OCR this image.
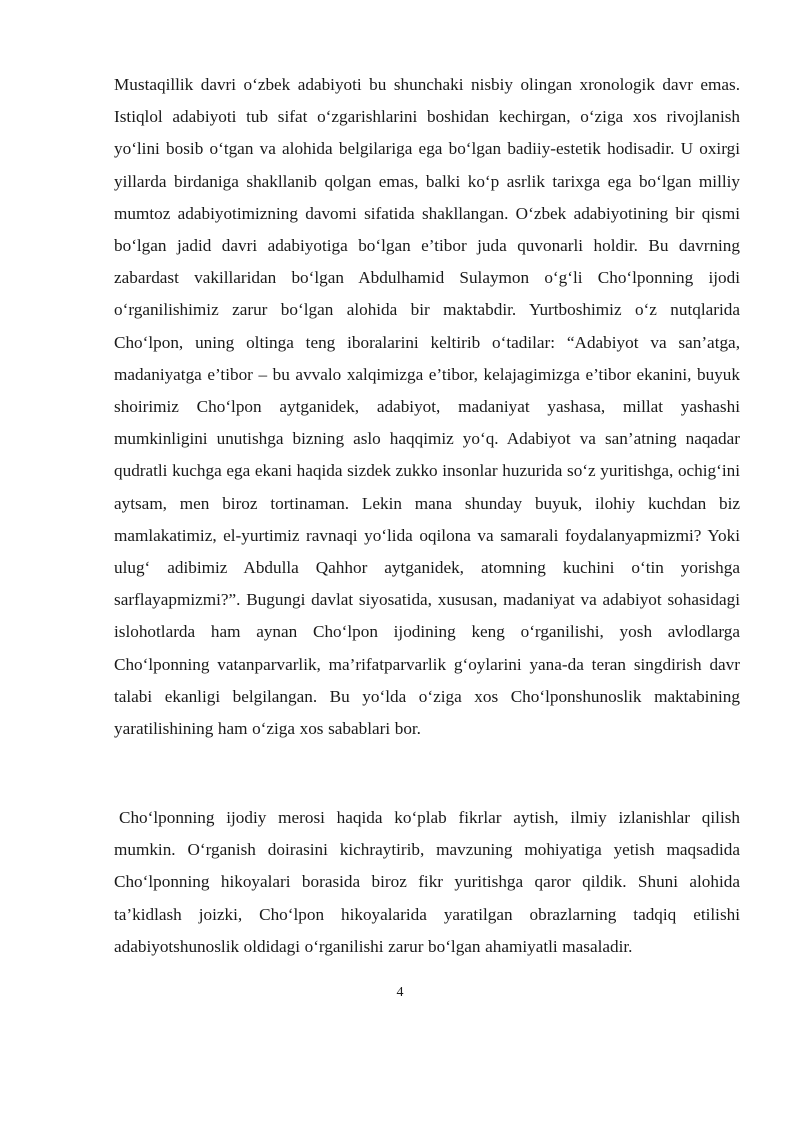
Mustaqillik davri o‘zbek adabiyoti bu shunchaki nisbiy olingan xronologik davr emas. Istiqlol adabiyoti tub sifat o‘zgarishlarini boshidan kechirgan, o‘ziga xos rivojlanish yo‘lini bosib o‘tgan va alohida belgilariga ega bo‘lgan badiiy-estetik hodisadir. U oxirgi yillarda birdaniga shakllanib qolgan emas, balki ko‘p asrlik tarixga ega bo‘lgan milliy mumtoz adabiyotimizning davomi sifatida shakllangan. O‘zbek adabiyotining bir qismi bo‘lgan jadid davri adabiyotiga bo‘lgan e’tibor juda quvonarli holdir. Bu davrning zabardast vakillaridan bo‘lgan Abdulhamid Sulaymon o‘g‘li Cho‘lponning ijodi o‘rganilishimiz zarur bo‘lgan alohida bir maktabdir. Yurtboshimiz o‘z nutqlarida Cho‘lpon, uning oltinga teng iboralarini keltirib o‘tadilar: “Adabiyot va san’atga, madaniyatga e’tibor – bu avvalo xalqimizga e’tibor, kelajagimizga e’tibor ekanini, buyuk shoirimiz Cho‘lpon aytganidek, adabiyot, madaniyat yashasa, millat yashashi mumkinligini unutishga bizning aslo haqqimiz yo‘q. Adabiyot va san’atning naqadar qudratli kuchga ega ekani haqida sizdek zukko insonlar huzurida so‘z yuritishga, ochig‘ini aytsam, men biroz tortinaman. Lekin mana shunday buyuk, ilohiy kuchdan biz mamlakatimiz, el-yurtimiz ravnaqi yo‘lida oqilona va samarali foydalanyapmizmi? Yoki ulug‘ adibimiz Abdulla Qahhor aytganidek, atomning kuchini o‘tin yorishga sarflayapmizmi?”. Bugungi davlat siyosatida, xususan, madaniyat va adabiyot sohasidagi islohotlarda ham aynan Cho‘lpon ijodining keng o‘rganilishi, yosh avlodlarga Cho‘lponning vatanparvarlik, ma’rifatparvarlik g‘oylarini yana-da teran singdirish davr talabi ekanligi belgilangan. Bu yo‘lda o‘ziga xos Cho‘lponshunoslik maktabining yaratilishining ham o‘ziga xos sabablari bor.

Cho‘lponning ijodiy merosi haqida ko‘plab fikrlar aytish, ilmiy izlanishlar qilish mumkin. O‘rganish doirasini kichraytirib, mavzuning mohiyatiga yetish maqsadida Cho‘lponning hikoyalari borasida biroz fikr yuritishga qaror qildik. Shuni alohida ta’kidlash joizki, Cho‘lpon hikoyalarida yaratilgan obrazlarning tadqiq etilishi adabiyotshunoslik oldidagi o‘rganilishi zarur bo‘lgan ahamiyatli masaladir.

4
